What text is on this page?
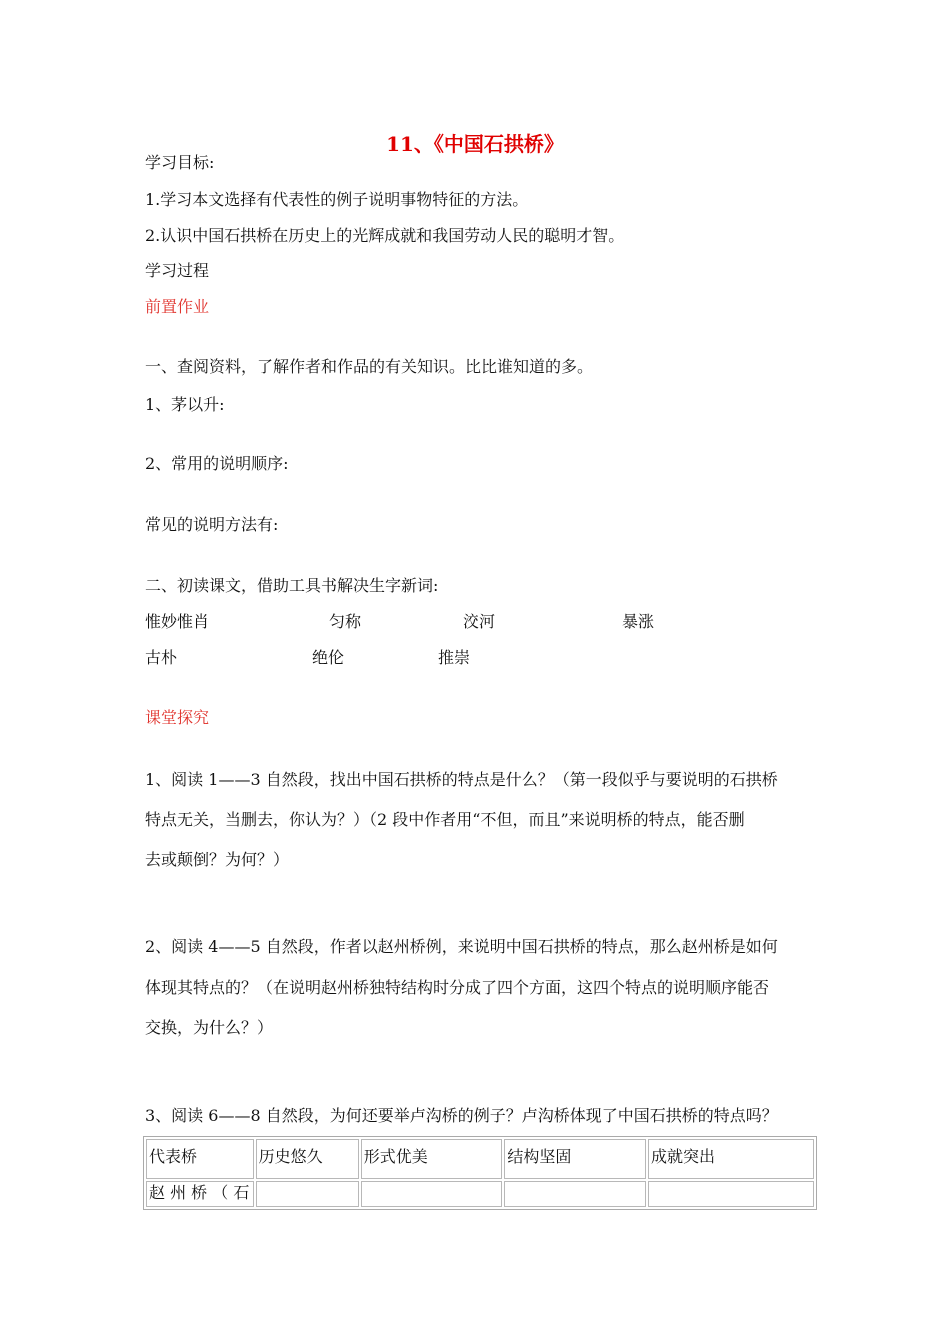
11、《中国石拱桥》
学习目标:
1.学习本文选择有代表性的例子说明事物特征的方法。
2.认识中国石拱桥在历史上的光辉成就和我国劳动人民的聪明才智。
学习过程
前置作业
一、查阅资料，了解作者和作品的有关知识。比比谁知道的多。
1、茅以升:
2、常用的说明顺序:
常见的说明方法有:
二、初读课文，借助工具书解决生字新词:
惟妙惟肖	匀称	洨河	暴涨
古朴	绝伦	推崇
课堂探究
1、阅读 1——3 自然段，找出中国石拱桥的特点是什么？（第一段似乎与要说明的石拱桥
特点无关，当删去，你认为？）（2 段中作者用“不但，而且”来说明桥的特点，能否删
去或颠倒？为何？）
2、阅读 4——5 自然段，作者以赵州桥例，来说明中国石拱桥的特点，那么赵州桥是如何
体现其特点的？（在说明赵州桥独特结构时分成了四个方面，这四个特点的说明顺序能否
交换，为什么？）
3、阅读 6——8 自然段，为何还要举卢沟桥的例子？卢沟桥体现了中国石拱桥的特点吗？
代表桥	历史悠久	形式优美	结构坚固	成就突出
赵 州 桥 （ 石				
